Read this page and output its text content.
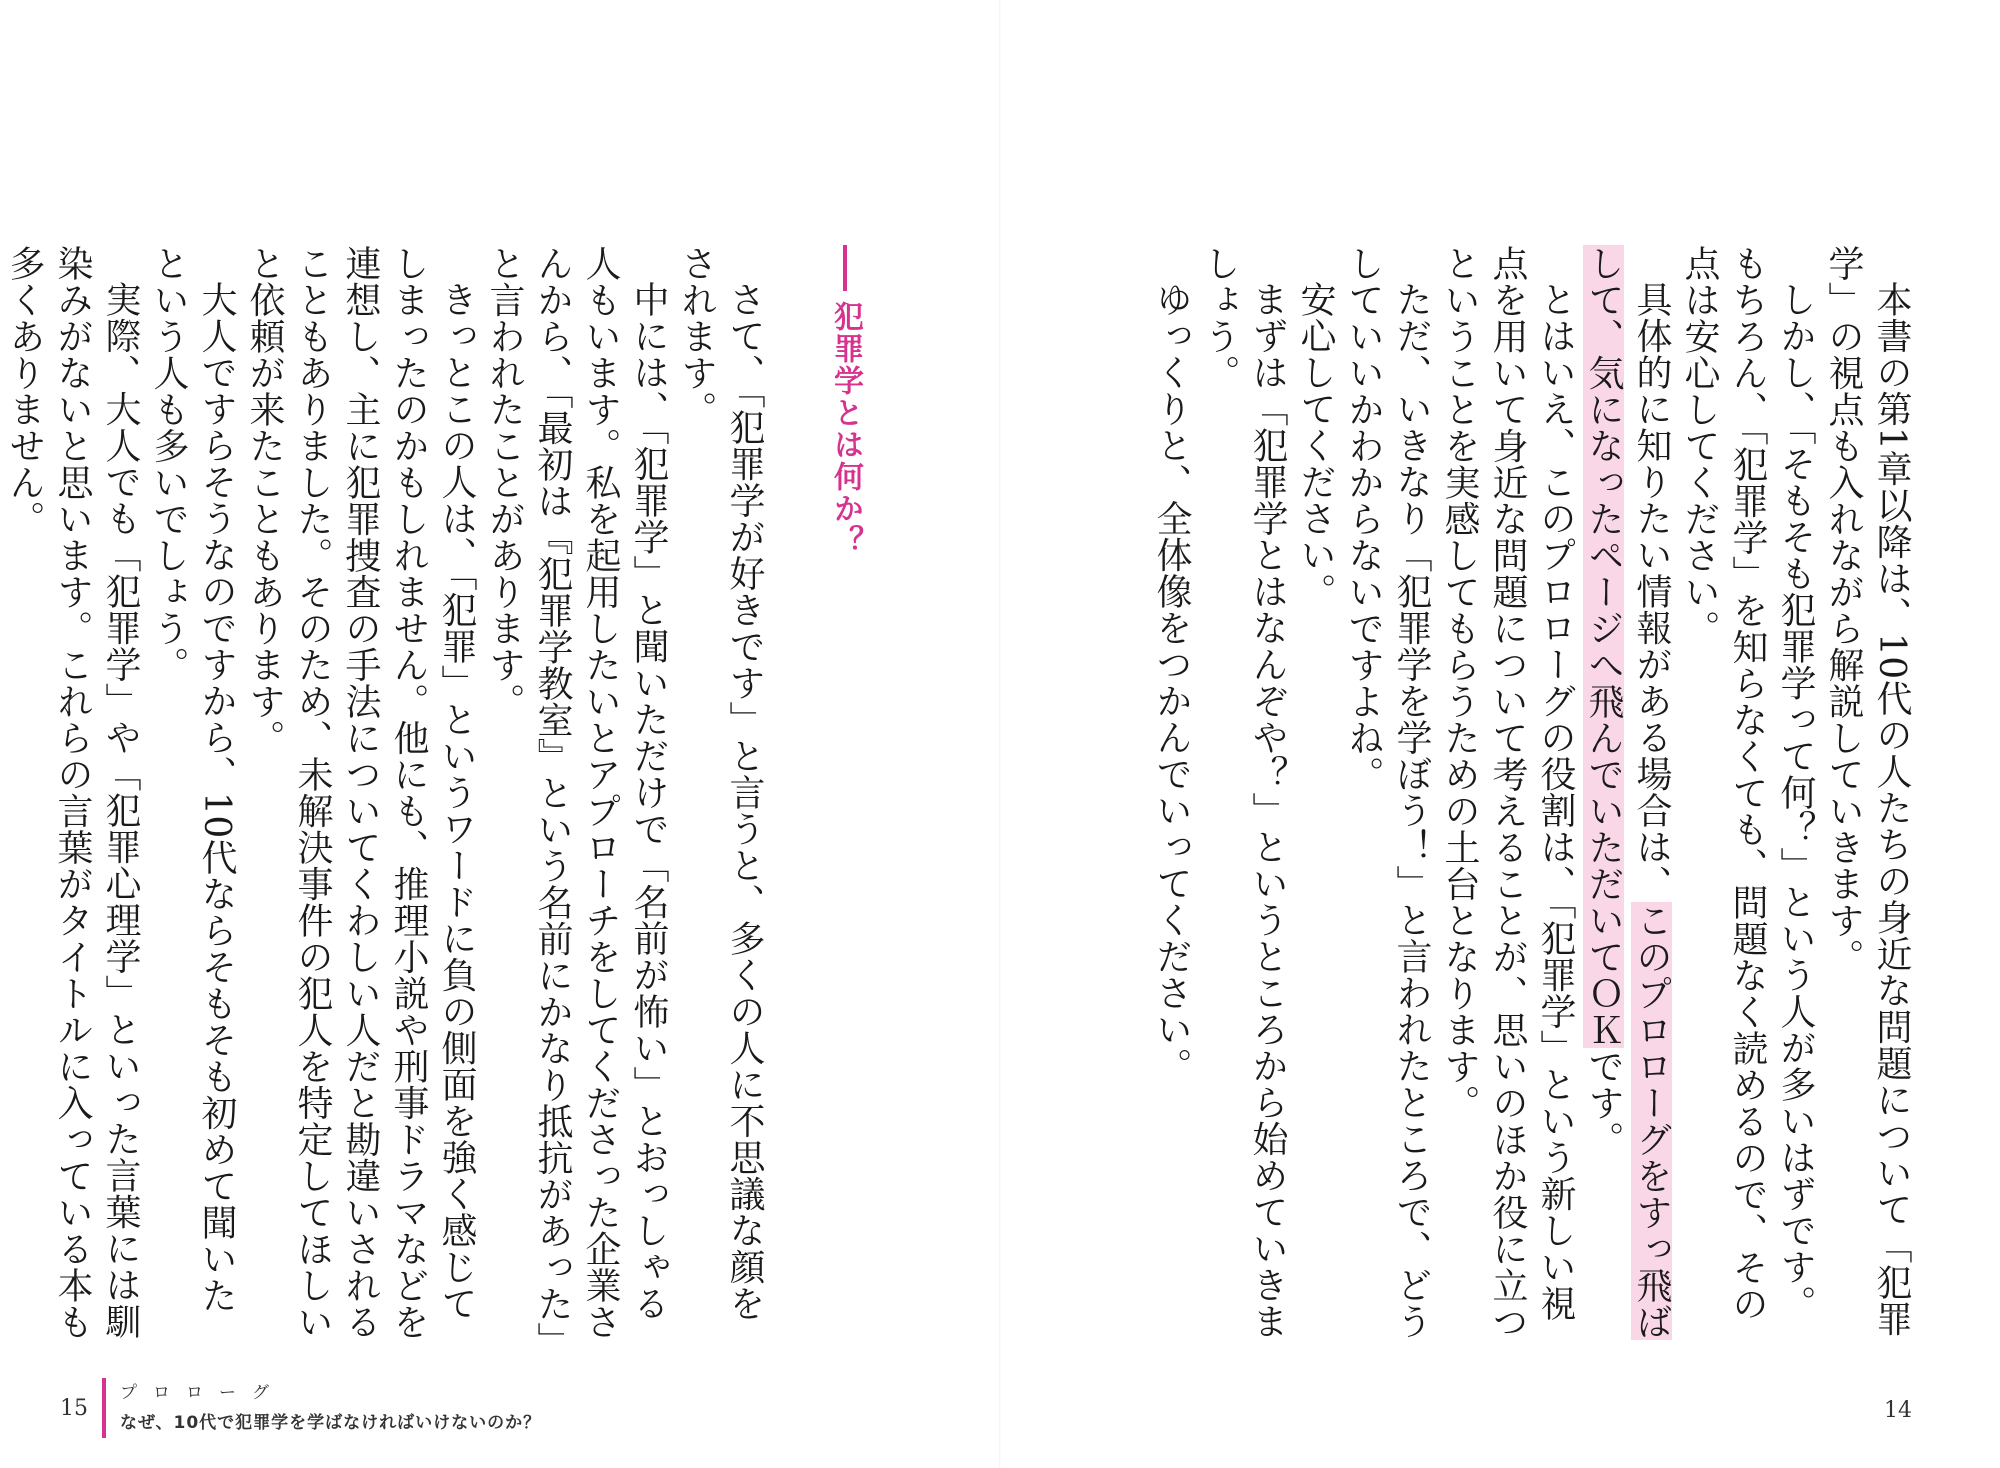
犯罪学とは何か？

さて、「犯罪学が好きです」と言うと、多くの人に不思議な顔をされます。

中には、「犯罪学」と聞いただけで「名前が怖い」とおっしゃる人もいます。私を起用したいとアプローチをしてくださった企業さんから、「最初は『犯罪学教室』という名前にかなり抵抗があった」と言われたことがあります。

きっとこの人は、「犯罪」というワードに負の側面を強く感じてしまったのかもしれません。他にも、推理小説や刑事ドラマなどを連想し、主に犯罪捜査の手法についてくわしい人だと勘違いされることもありました。そのため、未解決事件の犯人を特定してほしいと依頼が来たこともあります。

大人ですらそうなのですから、10代ならそもそも初めて聞いたという人も多いでしょう。

実際、大人でも「犯罪学」や「犯罪心理学」といった言葉には馴染みがないと思います。これらの言葉がタイトルに入っている本も多くありません。

15
プロローグ
なぜ、10代で犯罪学を学ばなければいけないのか？

本書の第1章以降は、10代の人たちの身近な問題について「犯罪学」の視点も入れながら解説していきます。

しかし、「そもそも犯罪学って何？」という人が多いはずです。もちろん、「犯罪学」を知らなくても、問題なく読めるので、その点は安心してください。

具体的に知りたい情報がある場合は、このプロローグをすっ飛ばして、気になったページへ飛んでいただいてＯＫです。

とはいえ、このプロローグの役割は、「犯罪学」という新しい視点を用いて身近な問題について考えることが、思いのほか役に立つということを実感してもらうための土台となります。

ただ、いきなり「犯罪学を学ぼう！」と言われたところで、どうしていいかわからないですよね。

安心してください。

まずは「犯罪学とはなんぞや？」というところから始めていきましょう。

ゆっくりと、全体像をつかんでいってください。

14
